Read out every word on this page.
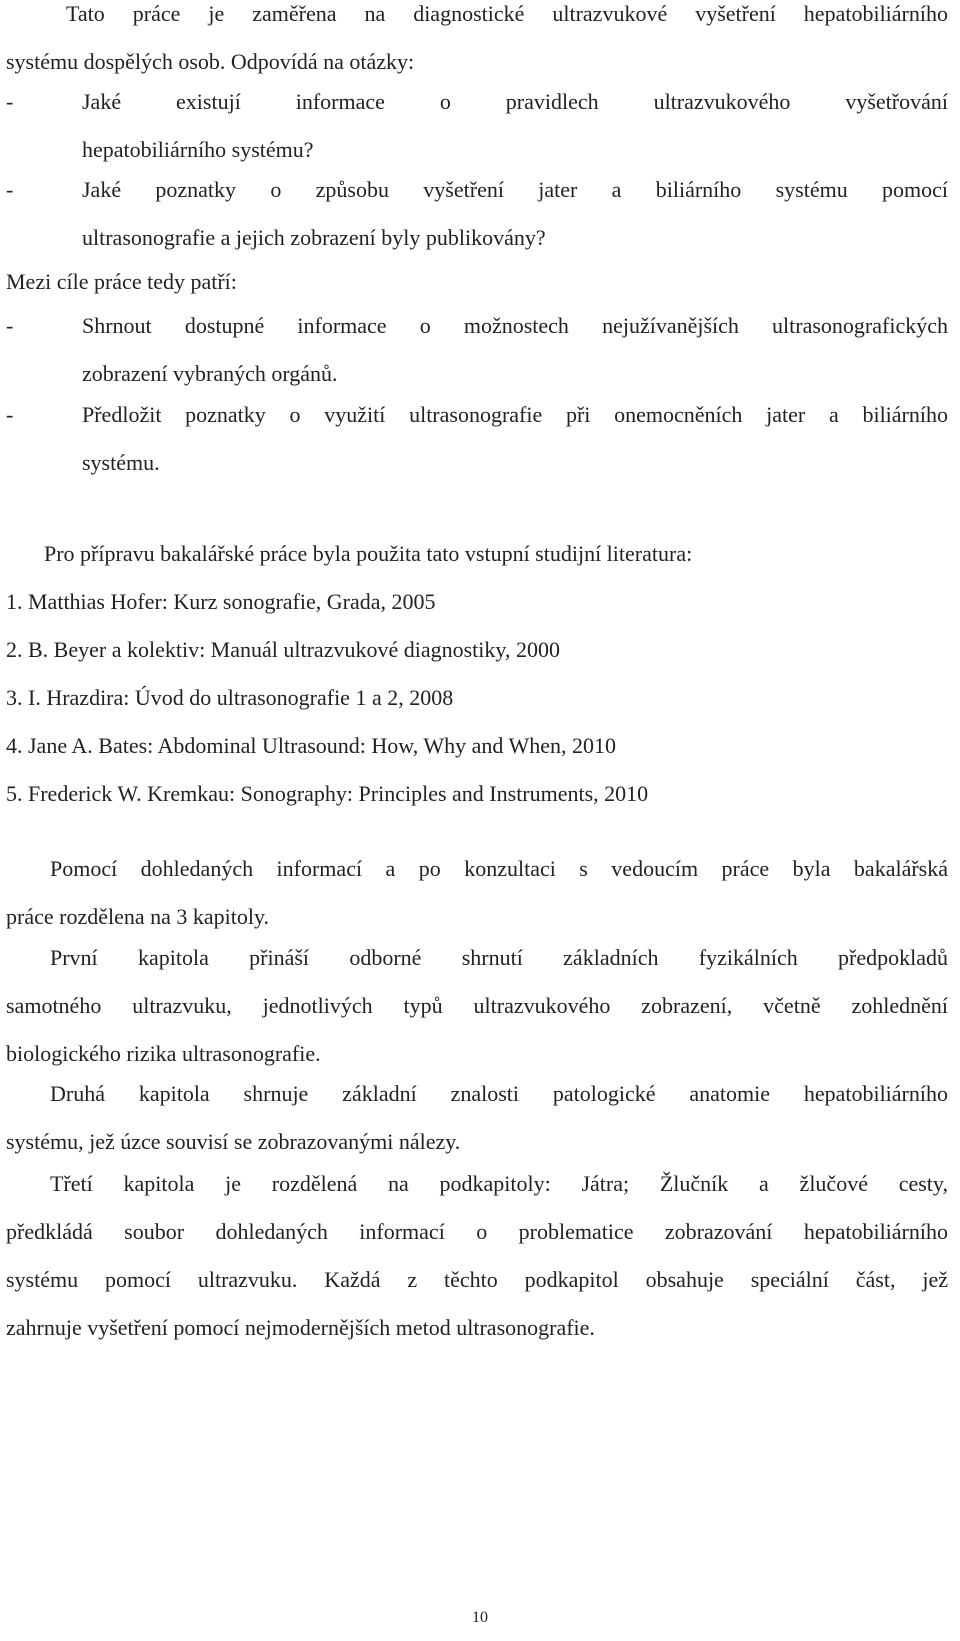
Tato práce je zaměřena na diagnostické ultrazvukové vyšetření hepatobiliárního
systému dospělých osob. Odpovídá na otázky:
-	Jaké existují informace o pravidlech ultrazvukového vyšetřování
hepatobiliárního systému?
-	Jaké poznatky o způsobu vyšetření jater a biliárního systému pomocí
ultrasonografie a jejich zobrazení byly publikovány?
Mezi cíle práce tedy patří:
-	Shrnout dostupné informace o možnostech nejužívanějších ultrasonografických
zobrazení vybraných orgánů.
-	Předložit poznatky o využití ultrasonografie při onemocněních jater a biliárního
systému.
Pro přípravu bakalářské práce byla použita tato vstupní studijní literatura:
1. Matthias Hofer: Kurz sonografie, Grada, 2005
2. B. Beyer a kolektiv: Manuál ultrazvukové diagnostiky, 2000
3. I. Hrazdira: Úvod do ultrasonografie 1 a 2, 2008
4. Jane A. Bates: Abdominal Ultrasound: How, Why and When, 2010
5. Frederick W. Kremkau: Sonography: Principles and Instruments, 2010
Pomocí dohledaných informací a po konzultaci s vedoucím práce byla bakalářská
práce rozdělena na 3 kapitoly.
První kapitola přináší odborné shrnutí základních fyzikálních předpokladů
samotného ultrazvuku, jednotlivých typů ultrazvukového zobrazení, včetně zohlednění
biologického rizika ultrasonografie.
Druhá kapitola shrnuje základní znalosti patologické anatomie hepatobiliárního
systému, jež úzce souvisí se zobrazovanými nálezy.
Třetí kapitola je rozdělená na podkapitoly: Játra; Žlučník a žlučové cesty,
předkládá soubor dohledaných informací o problematice zobrazování hepatobiliárního
systému pomocí ultrazvuku. Každá z těchto podkapitol obsahuje speciální část, jež
zahrnuje vyšetření pomocí nejmodernějších metod ultrasonografie.
10
